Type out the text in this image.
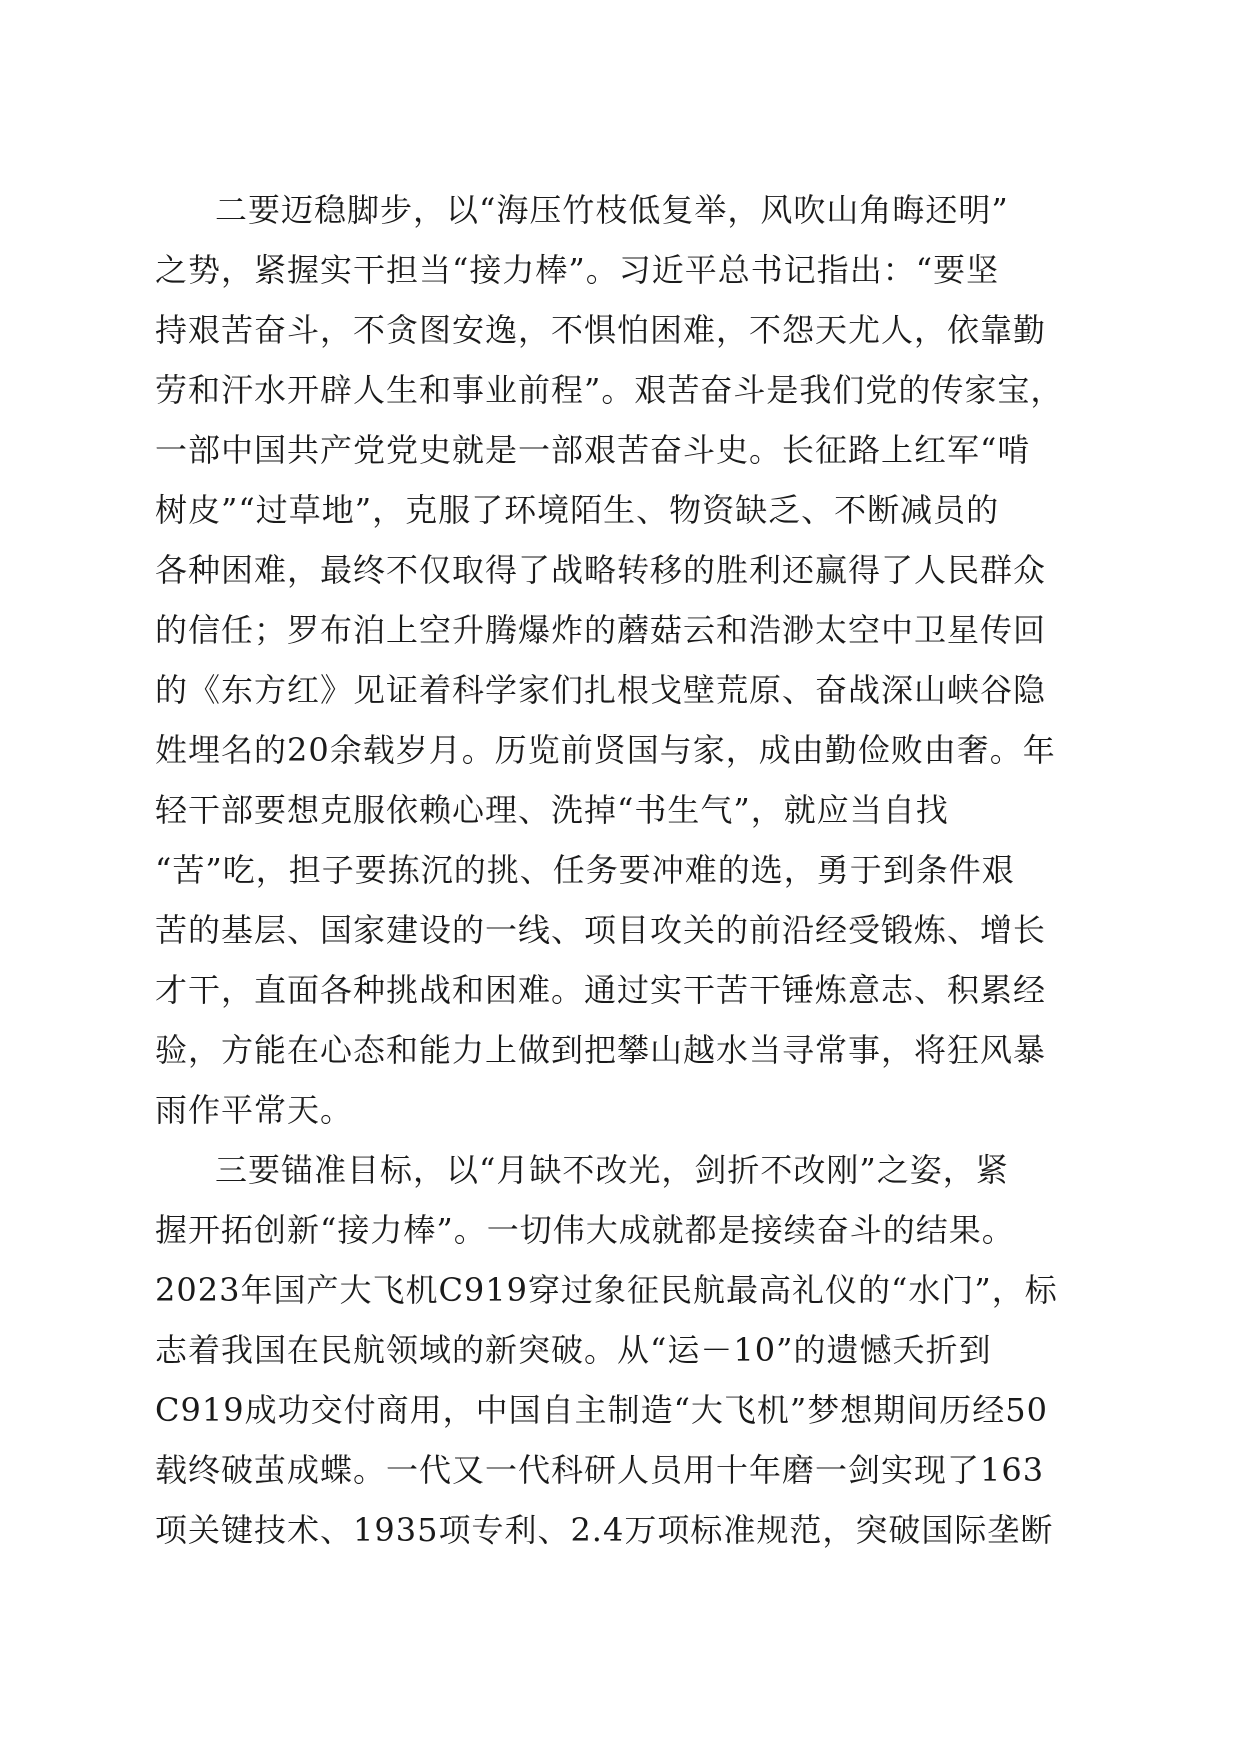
二要迈稳脚步，以“海压竹枝低复举，风吹山角晦还明”
之势，紧握实干担当“接力棒”。习近平总书记指出：“要坚
持艰苦奋斗，不贪图安逸，不惧怕困难，不怨天尤人，依靠勤
劳和汗水开辟人生和事业前程”。艰苦奋斗是我们党的传家宝，
一部中国共产党党史就是一部艰苦奋斗史。长征路上红军“啃
树皮”“过草地”，克服了环境陌生、物资缺乏、不断减员的
各种困难，最终不仅取得了战略转移的胜利还赢得了人民群众
的信任；罗布泊上空升腾爆炸的蘑菇云和浩渺太空中卫星传回
的《东方红》见证着科学家们扎根戈壁荒原、奋战深山峡谷隐
姓埋名的20余载岁月。历览前贤国与家，成由勤俭败由奢。年
轻干部要想克服依赖心理、洗掉“书生气”，就应当自找
“苦”吃，担子要拣沉的挑、任务要冲难的选，勇于到条件艰
苦的基层、国家建设的一线、项目攻关的前沿经受锻炼、增长
才干，直面各种挑战和困难。通过实干苦干锤炼意志、积累经
验，方能在心态和能力上做到把攀山越水当寻常事，将狂风暴
雨作平常天。
三要锚准目标，以“月缺不改光，剑折不改刚”之姿，紧
握开拓创新“接力棒”。一切伟大成就都是接续奋斗的结果。
2023年国产大飞机C919穿过象征民航最高礼仪的“水门”，标
志着我国在民航领域的新突破。从“运－10”的遗憾夭折到
C919成功交付商用，中国自主制造“大飞机”梦想期间历经50
载终破茧成蝶。一代又一代科研人员用十年磨一剑实现了163
项关键技术、1935项专利、2.4万项标准规范，突破国际垄断
